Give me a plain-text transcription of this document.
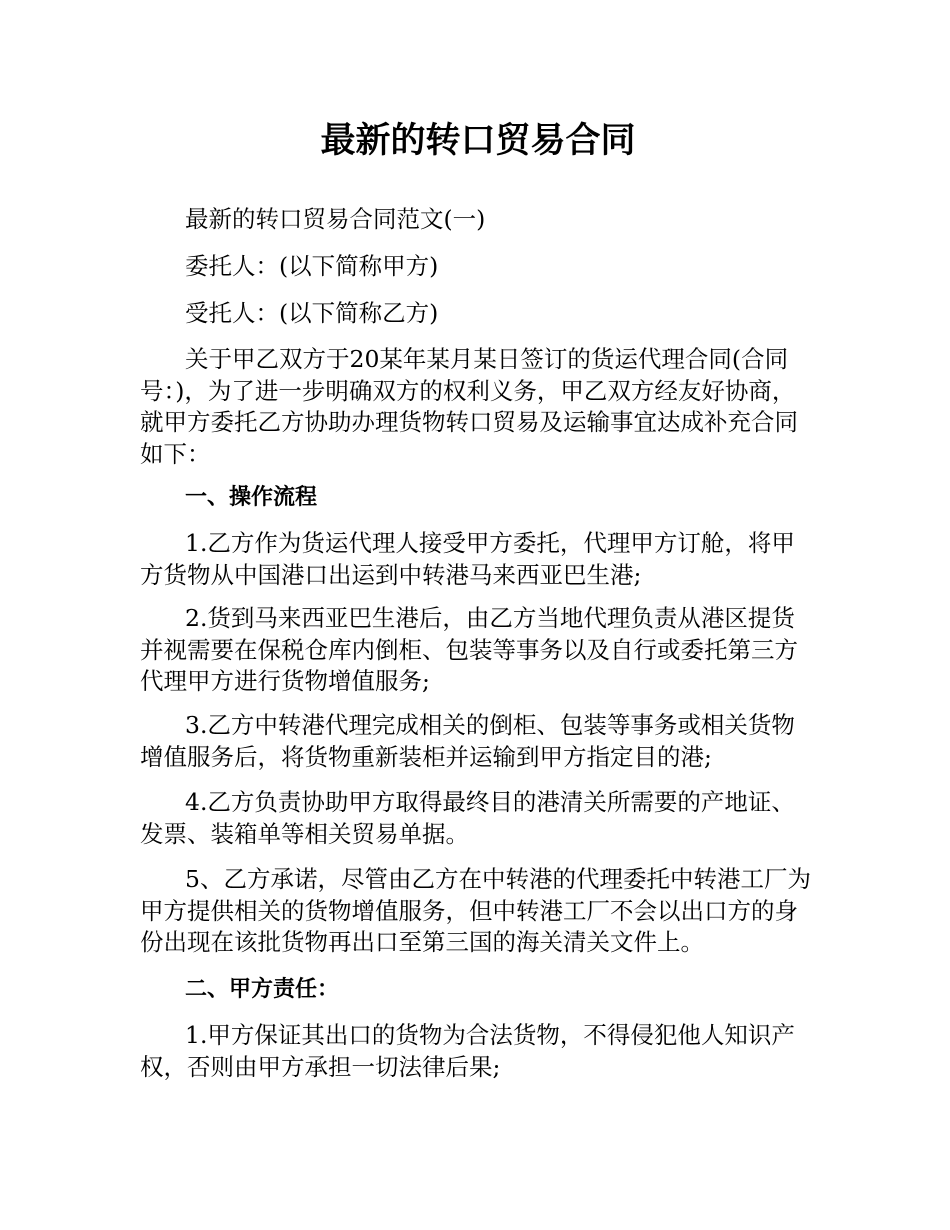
最新的转口贸易合同

最新的转口贸易合同范文(一)

委托人：(以下简称甲方)

受托人：(以下简称乙方)

关于甲乙双方于20某年某月某日签订的货运代理合同(合同号：)，为了进一步明确双方的权利义务，甲乙双方经友好协商，就甲方委托乙方协助办理货物转口贸易及运输事宜达成补充合同如下：

一、操作流程

1.乙方作为货运代理人接受甲方委托，代理甲方订舱，将甲方货物从中国港口出运到中转港马来西亚巴生港;

2.货到马来西亚巴生港后，由乙方当地代理负责从港区提货并视需要在保税仓库内倒柜、包装等事务以及自行或委托第三方代理甲方进行货物增值服务;

3.乙方中转港代理完成相关的倒柜、包装等事务或相关货物增值服务后，将货物重新装柜并运输到甲方指定目的港;

4.乙方负责协助甲方取得最终目的港清关所需要的产地证、发票、装箱单等相关贸易单据。

5、乙方承诺，尽管由乙方在中转港的代理委托中转港工厂为甲方提供相关的货物增值服务，但中转港工厂不会以出口方的身份出现在该批货物再出口至第三国的海关清关文件上。

二、甲方责任：

1.甲方保证其出口的货物为合法货物，不得侵犯他人知识产权，否则由甲方承担一切法律后果;
